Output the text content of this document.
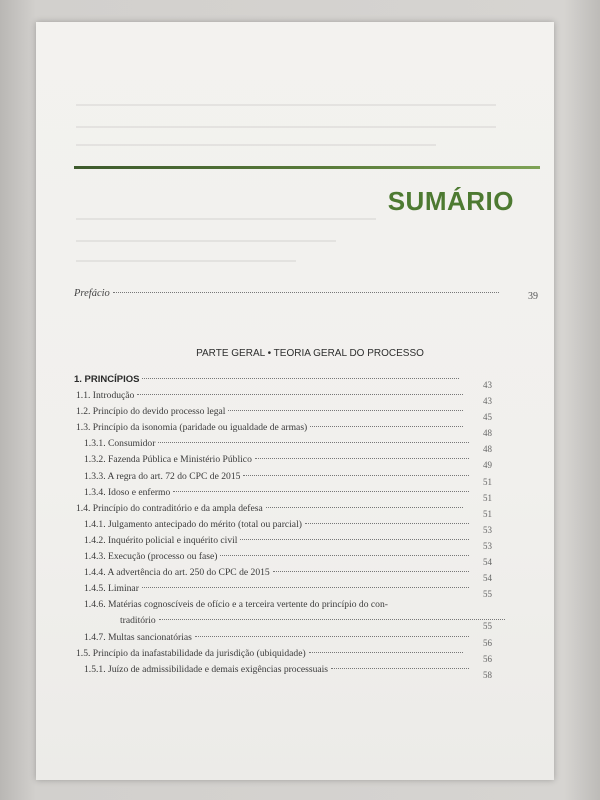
SUMÁRIO
Prefácio	39
PARTE GERAL • TEORIA GERAL DO PROCESSO
1. PRINCÍPIOS	43
1.1. Introdução	43
1.2. Princípio do devido processo legal	45
1.3. Princípio da isonomia (paridade ou igualdade de armas)	48
1.3.1. Consumidor	48
1.3.2. Fazenda Pública e Ministério Público	49
1.3.3. A regra do art. 72 do CPC de 2015	51
1.3.4. Idoso e enfermo	51
1.4. Princípio do contraditório e da ampla defesa	51
1.4.1. Julgamento antecipado do mérito (total ou parcial)	53
1.4.2. Inquérito policial e inquérito civil	53
1.4.3. Execução (processo ou fase)	54
1.4.4. A advertência do art. 250 do CPC de 2015	54
1.4.5. Liminar	55
1.4.6. Matérias cognoscíveis de ofício e a terceira vertente do princípio do con-
traditório	55
1.4.7. Multas sancionatórias	56
1.5. Princípio da inafastabilidade da jurisdição (ubiquidade)	56
1.5.1. Juízo de admissibilidade e demais exigências processuais	58
